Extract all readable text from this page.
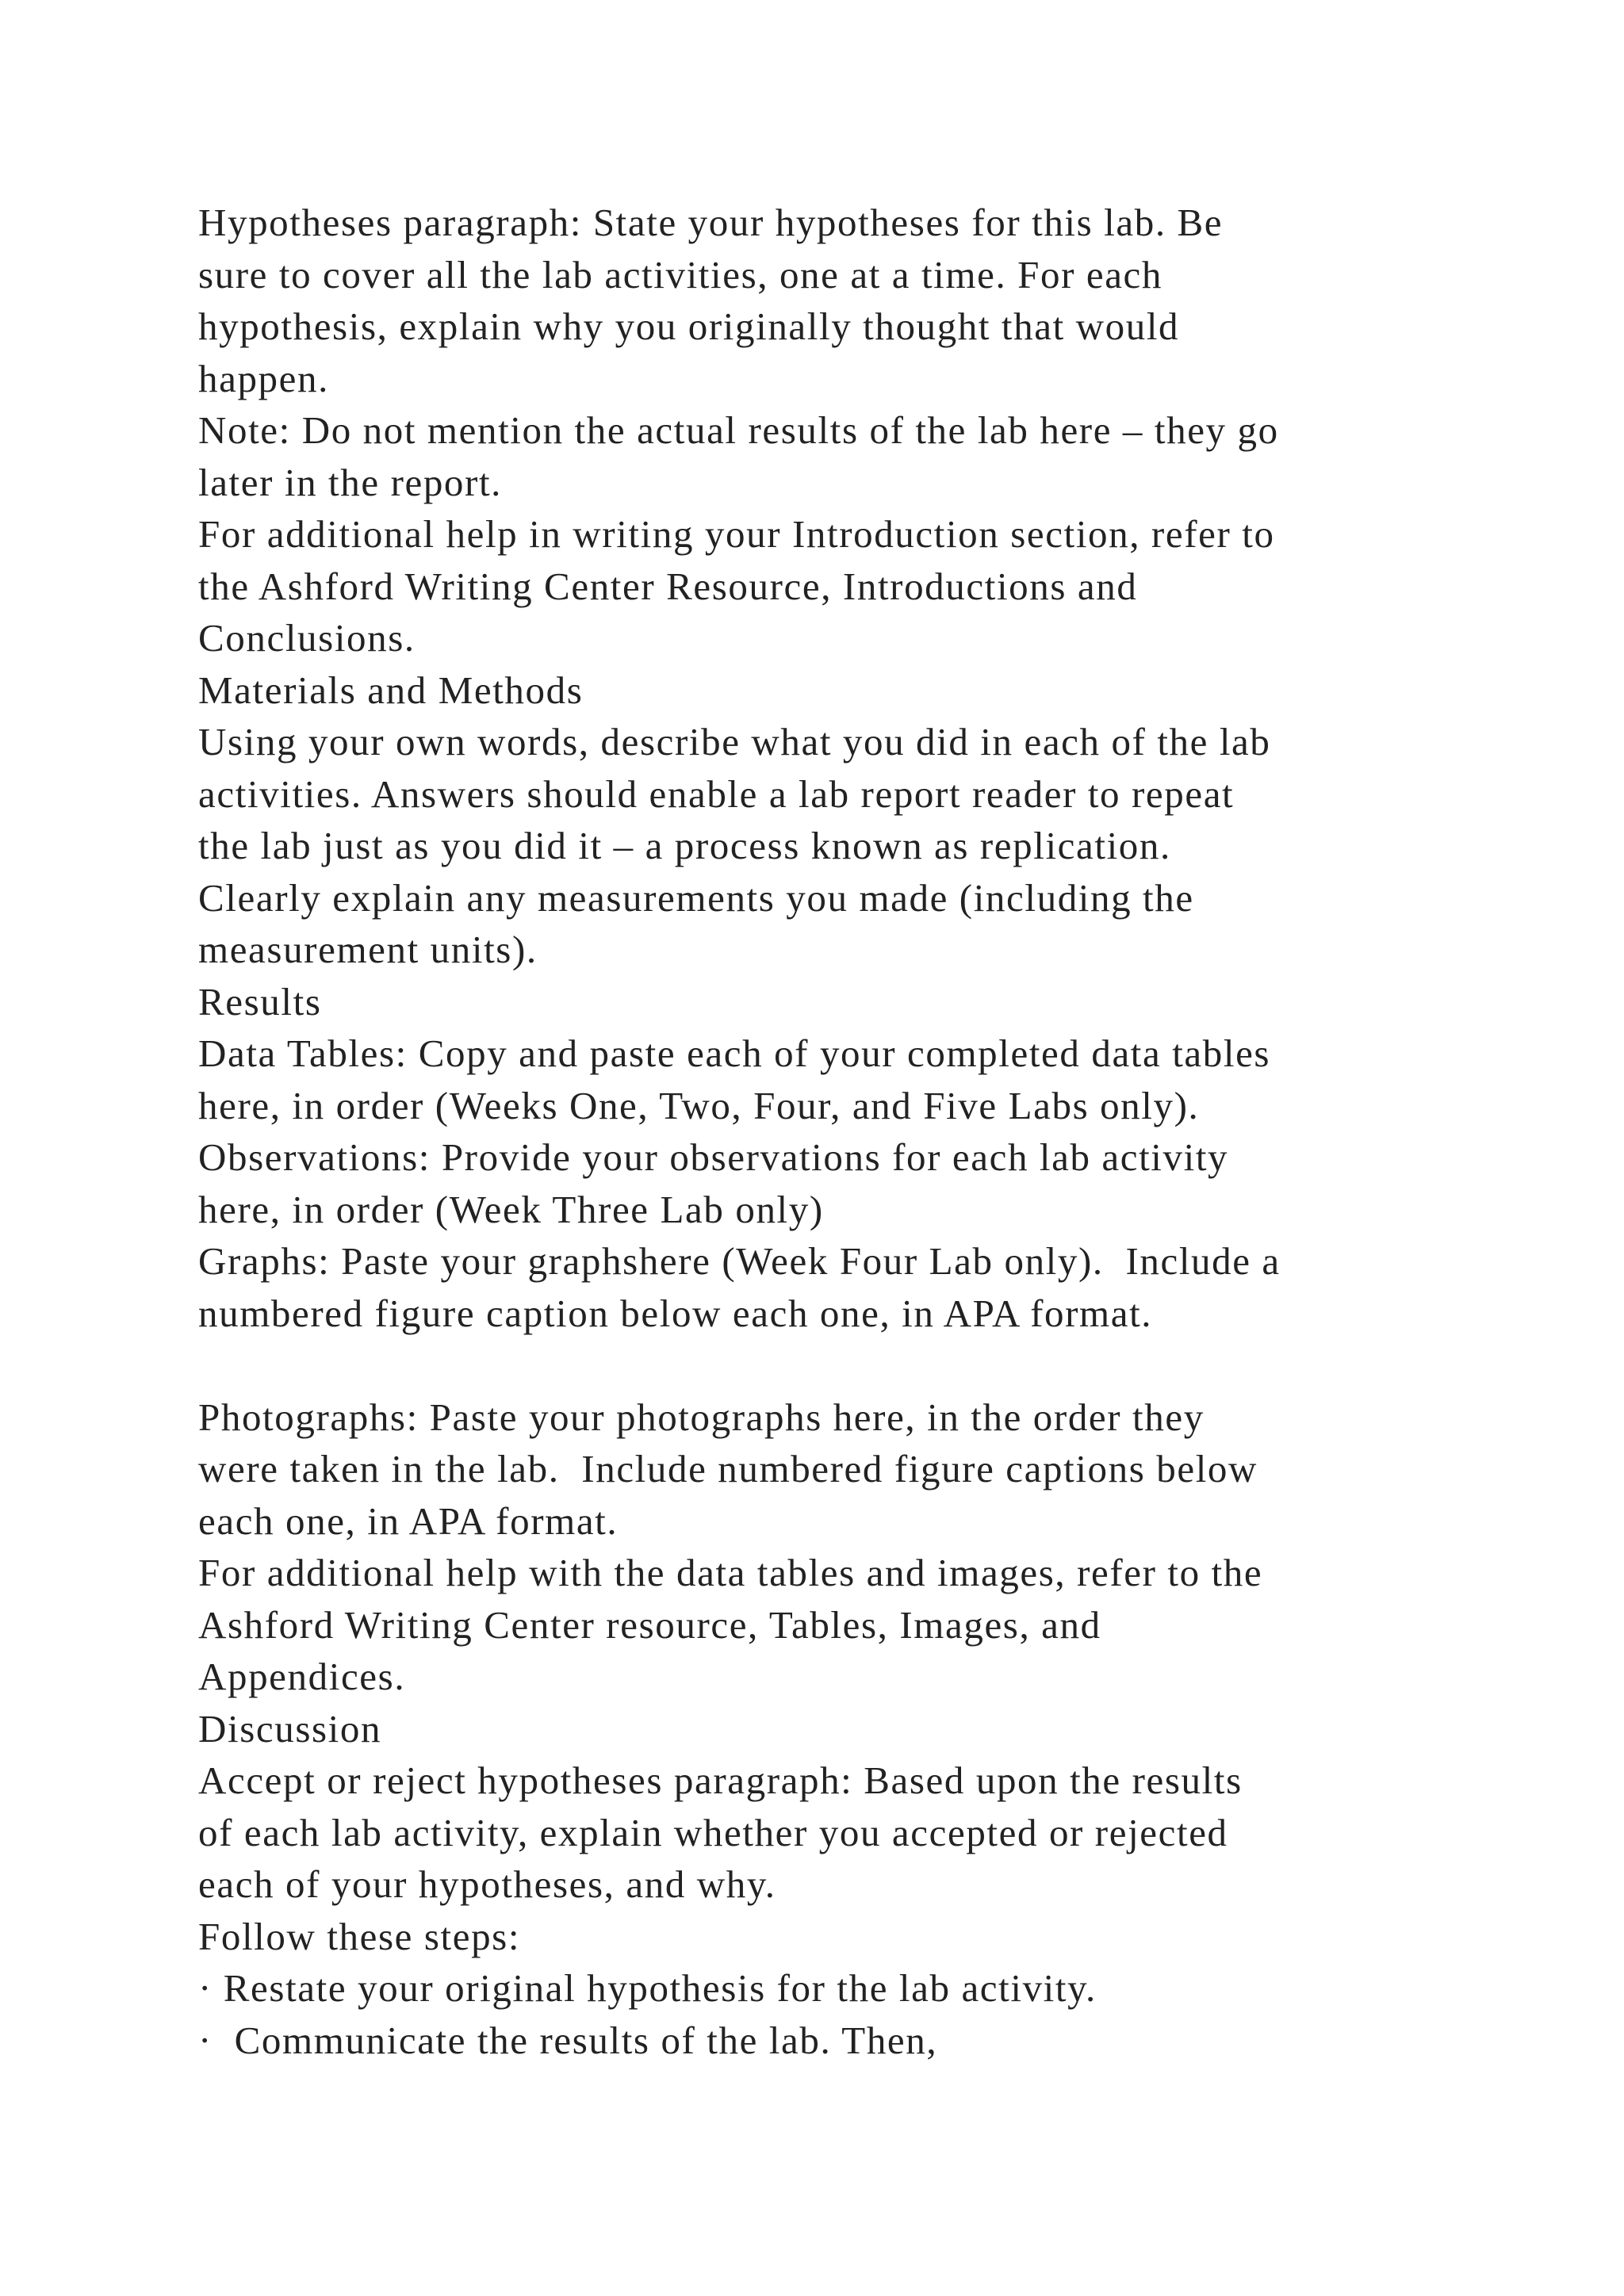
Hypotheses paragraph: State your hypotheses for this lab. Be
sure to cover all the lab activities, one at a time. For each
hypothesis, explain why you originally thought that would
happen.
Note: Do not mention the actual results of the lab here – they go
later in the report.
For additional help in writing your Introduction section, refer to
the Ashford Writing Center Resource, Introductions and
Conclusions.
Materials and Methods
Using your own words, describe what you did in each of the lab
activities. Answers should enable a lab report reader to repeat
the lab just as you did it – a process known as replication.
Clearly explain any measurements you made (including the
measurement units).
Results
Data Tables: Copy and paste each of your completed data tables
here, in order (Weeks One, Two, Four, and Five Labs only).
Observations: Provide your observations for each lab activity
here, in order (Week Three Lab only)
Graphs: Paste your graphshere (Week Four Lab only).  Include a
numbered figure caption below each one, in APA format.
Photographs: Paste your photographs here, in the order they
were taken in the lab.  Include numbered figure captions below
each one, in APA format.
For additional help with the data tables and images, refer to the
Ashford Writing Center resource, Tables, Images, and
Appendices.
Discussion
Accept or reject hypotheses paragraph: Based upon the results
of each lab activity, explain whether you accepted or rejected
each of your hypotheses, and why.
Follow these steps:
· Restate your original hypothesis for the lab activity.
·  Communicate the results of the lab. Then,
